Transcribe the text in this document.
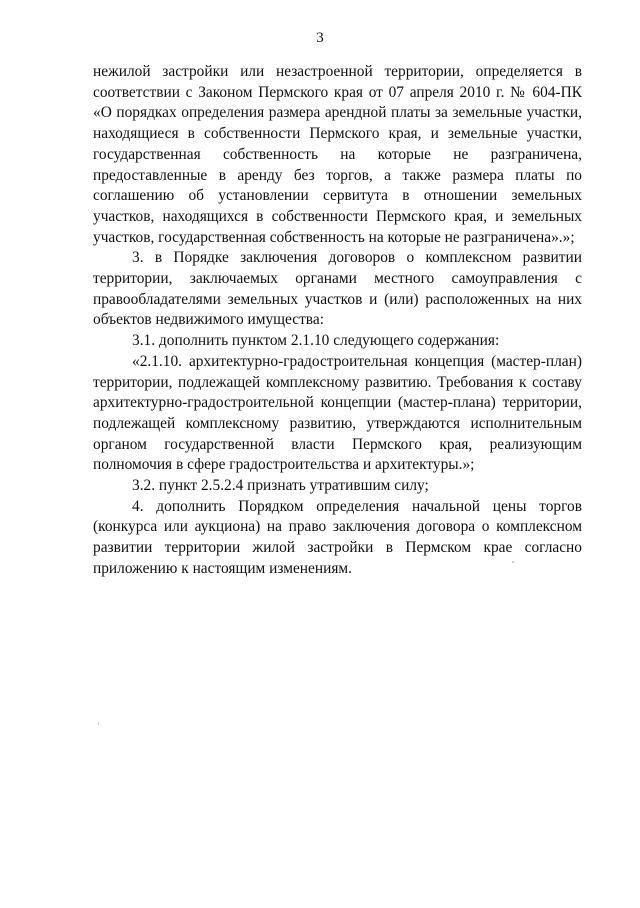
3

нежилой застройки или незастроенной территории, определяется в соответствии с Законом Пермского края от 07 апреля 2010 г. № 604-ПК «О порядках определения размера арендной платы за земельные участки, находящиеся в собственности Пермского края, и земельные участки, государственная собственность на которые не разграничена, предоставленные в аренду без торгов, а также размера платы по соглашению об установлении сервитута в отношении земельных участков, находящихся в собственности Пермского края, и земельных участков, государственная собственность на которые не разграничена».»;

3. в Порядке заключения договоров о комплексном развитии территории, заключаемых органами местного самоуправления с правообладателями земельных участков и (или) расположенных на них объектов недвижимого имущества:

3.1. дополнить пунктом 2.1.10 следующего содержания:

«2.1.10. архитектурно-градостроительная концепция (мастер-план) территории, подлежащей комплексному развитию. Требования к составу архитектурно-градостроительной концепции (мастер-плана) территории, подлежащей комплексному развитию, утверждаются исполнительным органом государственной власти Пермского края, реализующим полномочия в сфере градостроительства и архитектуры.»;

3.2. пункт 2.5.2.4 признать утратившим силу;

4. дополнить Порядком определения начальной цены торгов (конкурса или аукциона) на право заключения договора о комплексном развитии территории жилой застройки в Пермском крае согласно приложению к настоящим изменениям.
